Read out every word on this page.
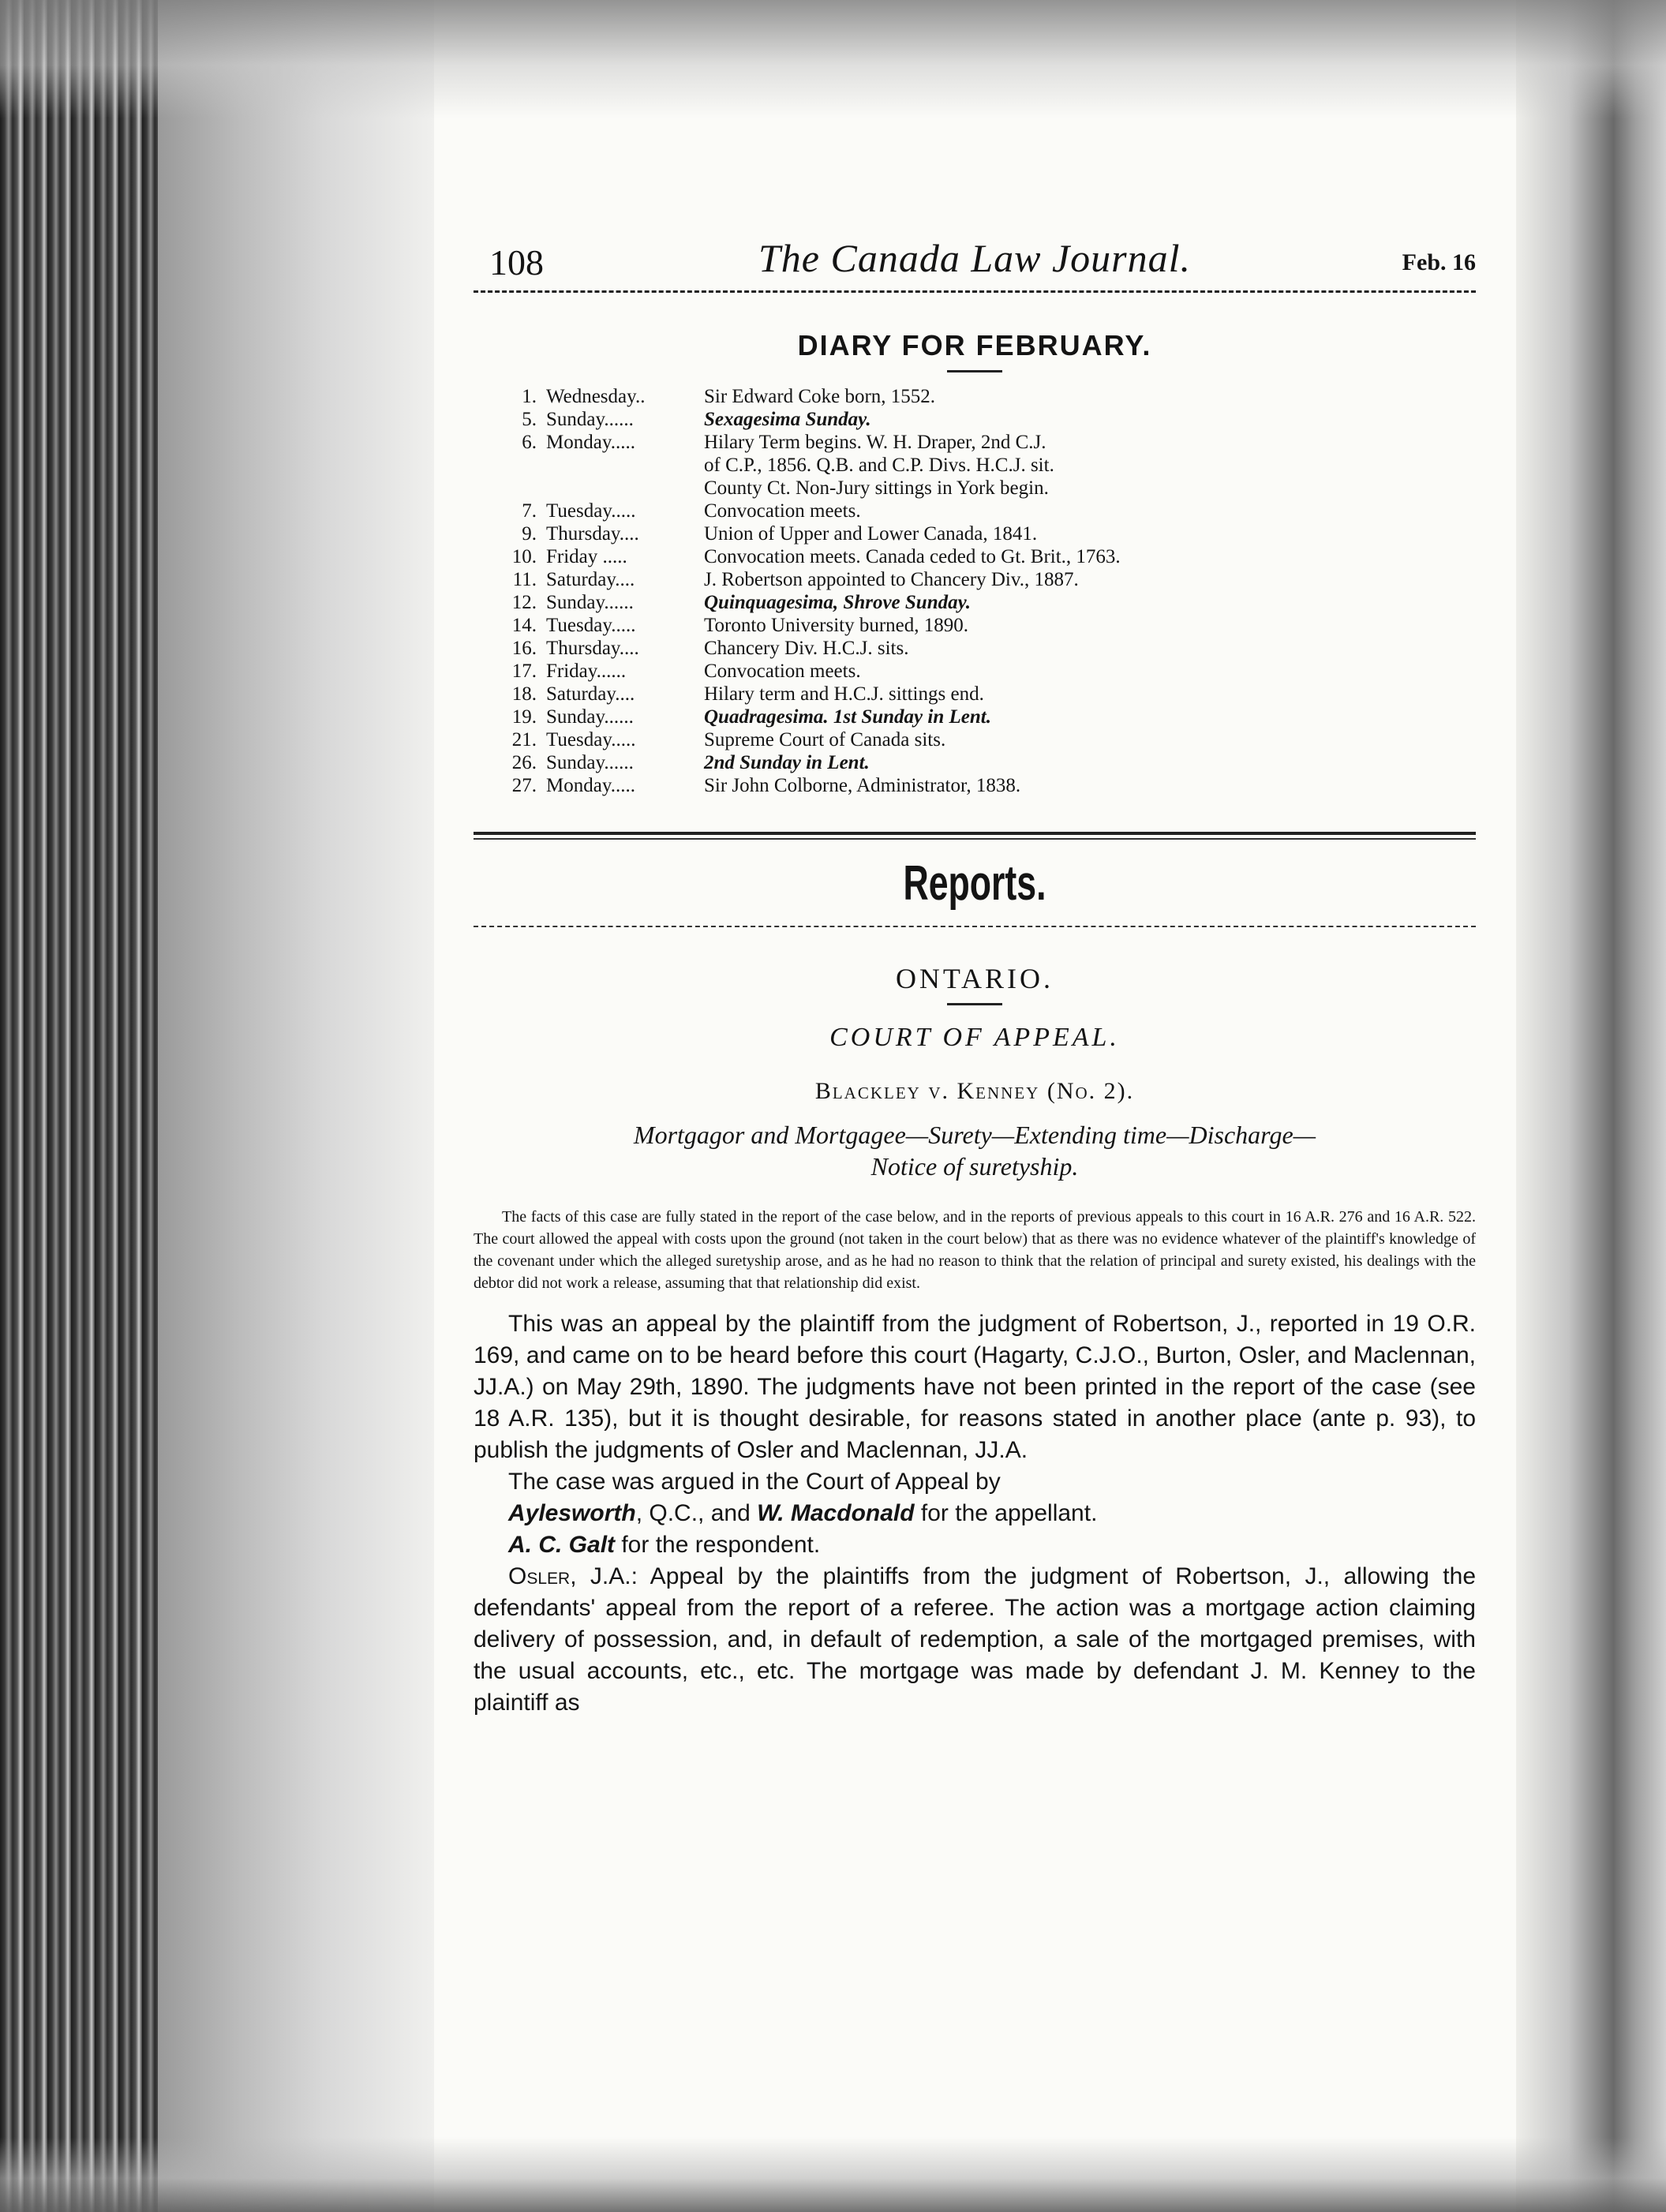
108	The Canada Law Journal.	Feb. 16
DIARY FOR FEBRUARY.
1. Wednesday..	Sir Edward Coke born, 1552.
5. Sunday......	Sexagesima Sunday.
6. Monday.....	Hilary Term begins. W. H. Draper, 2nd C.J.
of C.P., 1856. Q.B. and C.P. Divs. H.C.J. sit.
County Ct. Non-Jury sittings in York begin.
7. Tuesday.....	Convocation meets.
9. Thursday....	Union of Upper and Lower Canada, 1841.
10. Friday .....	Convocation meets. Canada ceded to Gt. Brit., 1763.
11. Saturday....	J. Robertson appointed to Chancery Div., 1887.
12. Sunday......	Quinquagesima, Shrove Sunday.
14. Tuesday.....	Toronto University burned, 1890.
16. Thursday....	Chancery Div. H.C.J. sits.
17. Friday......	Convocation meets.
18. Saturday....	Hilary term and H.C.J. sittings end.
19. Sunday......	Quadragesima. 1st Sunday in Lent.
21. Tuesday.....	Supreme Court of Canada sits.
26. Sunday......	2nd Sunday in Lent.
27. Monday.....	Sir John Colborne, Administrator, 1838.
Reports.
ONTARIO.
COURT OF APPEAL.
Blackley v. Kenney (No. 2).
Mortgagor and Mortgagee—Surety—Extending time—Discharge—
Notice of suretyship.
The facts of this case are fully stated in the report of the case below, and in the reports of previous appeals to this court in 16 A.R. 276 and 16 A.R. 522. The court allowed the appeal with costs upon the ground (not taken in the court below) that as there was no evidence whatever of the plaintiff's knowledge of the covenant under which the alleged suretyship arose, and as he had no reason to think that the relation of principal and surety existed, his dealings with the debtor did not work a release, assuming that that relationship did exist.

This was an appeal by the plaintiff from the judgment of Robertson, J., reported in 19 O.R. 169, and came on to be heard before this court (Hagarty, C.J.O., Burton, Osler, and Maclennan, JJ.A.) on May 29th, 1890. The judgments have not been printed in the report of the case (see 18 A.R. 135), but it is thought desirable, for reasons stated in another place (ante p. 93), to publish the judgments of Osler and Maclennan, JJ.A.

The case was argued in the Court of Appeal by

Aylesworth, Q.C., and W. Macdonald for the appellant.

A. C. Galt for the respondent.

Osler, J.A.: Appeal by the plaintiffs from the judgment of Robertson, J., allowing the defendants' appeal from the report of a referee. The action was a mortgage action claiming delivery of possession, and, in default of redemption, a sale of the mortgaged premises, with the usual accounts, etc., etc. The mortgage was made by defendant J. M. Kenney to the plaintiff as
